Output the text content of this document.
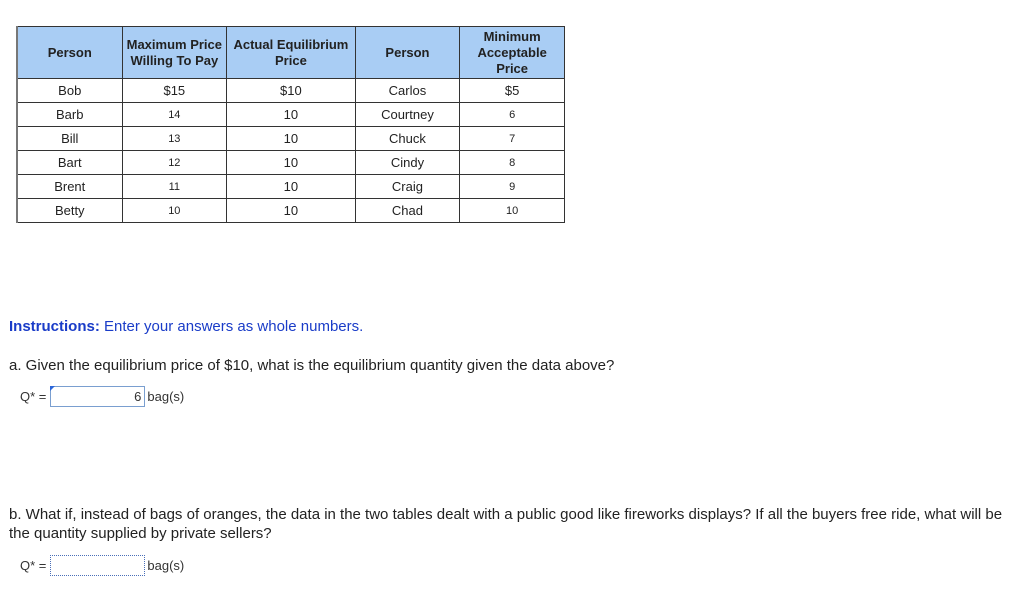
Person	Maximum Price Willing To Pay	Actual Equilibrium Price	Person	Minimum Acceptable Price
Bob	$15	$10	Carlos	$5
Barb	14	10	Courtney	6
Bill	13	10	Chuck	7
Bart	12	10	Cindy	8
Brent	11	10	Craig	9
Betty	10	10	Chad	10
Instructions: Enter your answers as whole numbers.
a. Given the equilibrium price of $10, what is the equilibrium quantity given the data above?
Q* =	6 bag(s)
b. What if, instead of bags of oranges, the data in the two tables dealt with a public good like fireworks displays? If all the buyers free ride, what will be the quantity supplied by private sellers?
Q* =	bag(s)
